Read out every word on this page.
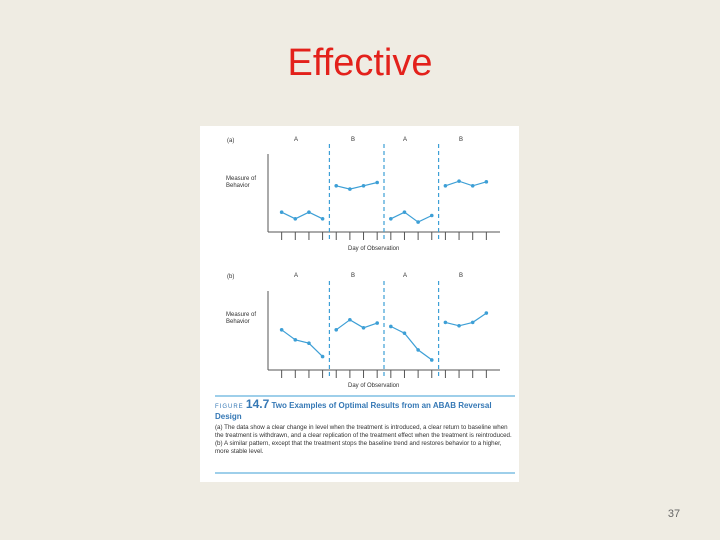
Effective
(a)	A	B	A	B
Measure of Behavior
Day of Observation
(b)	A	B	A	B
Measure of Behavior
Day of Observation
FIGURE 14.7 Two Examples of Optimal Results from an ABAB Reversal Design
(a) The data show a clear change in level when the treatment is introduced, a clear return to baseline when the treatment is withdrawn, and a clear replication of the treatment effect when the treatment is reintroduced. (b) A similar pattern, except that the treatment stops the baseline trend and restores behavior to a higher, more stable level.
37
